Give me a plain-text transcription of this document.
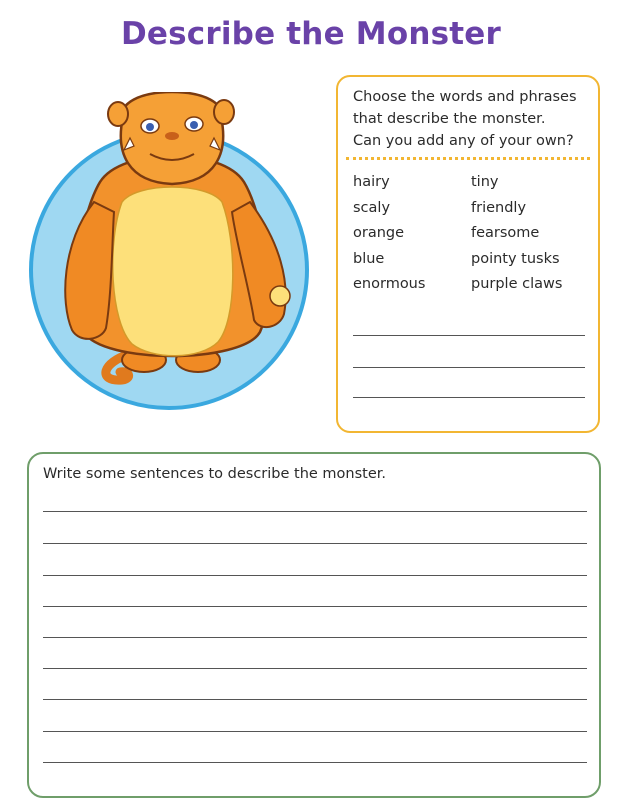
Describe the Monster
Choose the words and phrases
that describe the monster.
Can you add any of your own?
hairy	tiny
scaly	friendly
orange	fearsome
blue	pointy tusks
enormous	purple claws
Write some sentences to describe the monster.
